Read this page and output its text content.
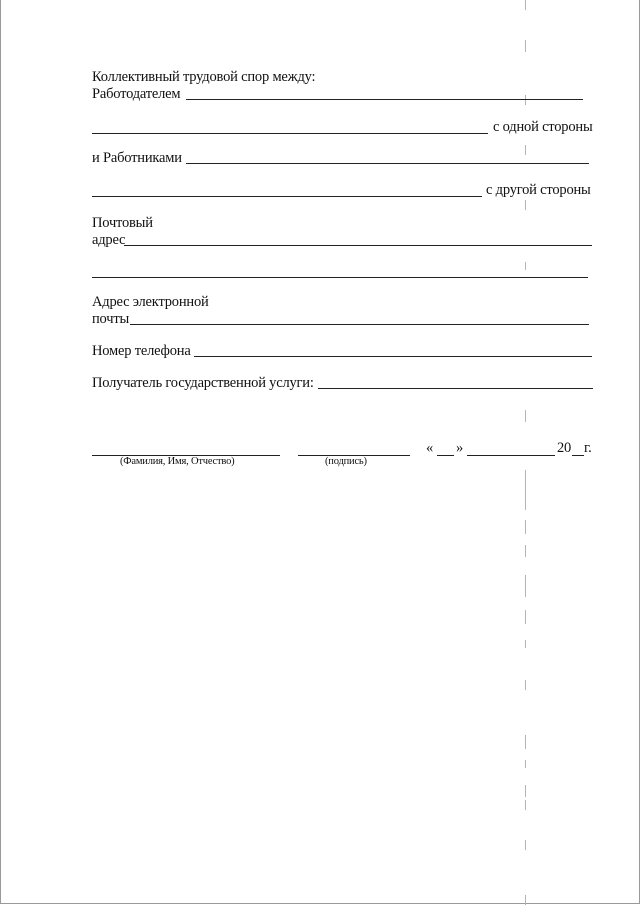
Коллективный трудовой спор между:
Работодателем
с одной стороны
и Работниками
с другой стороны
Почтовый
адрес
Адрес электронной
почты
Номер телефона
Получатель государственной услуги:
(Фамилия, Имя, Отчество)	(подпись)
« »	20 г.
